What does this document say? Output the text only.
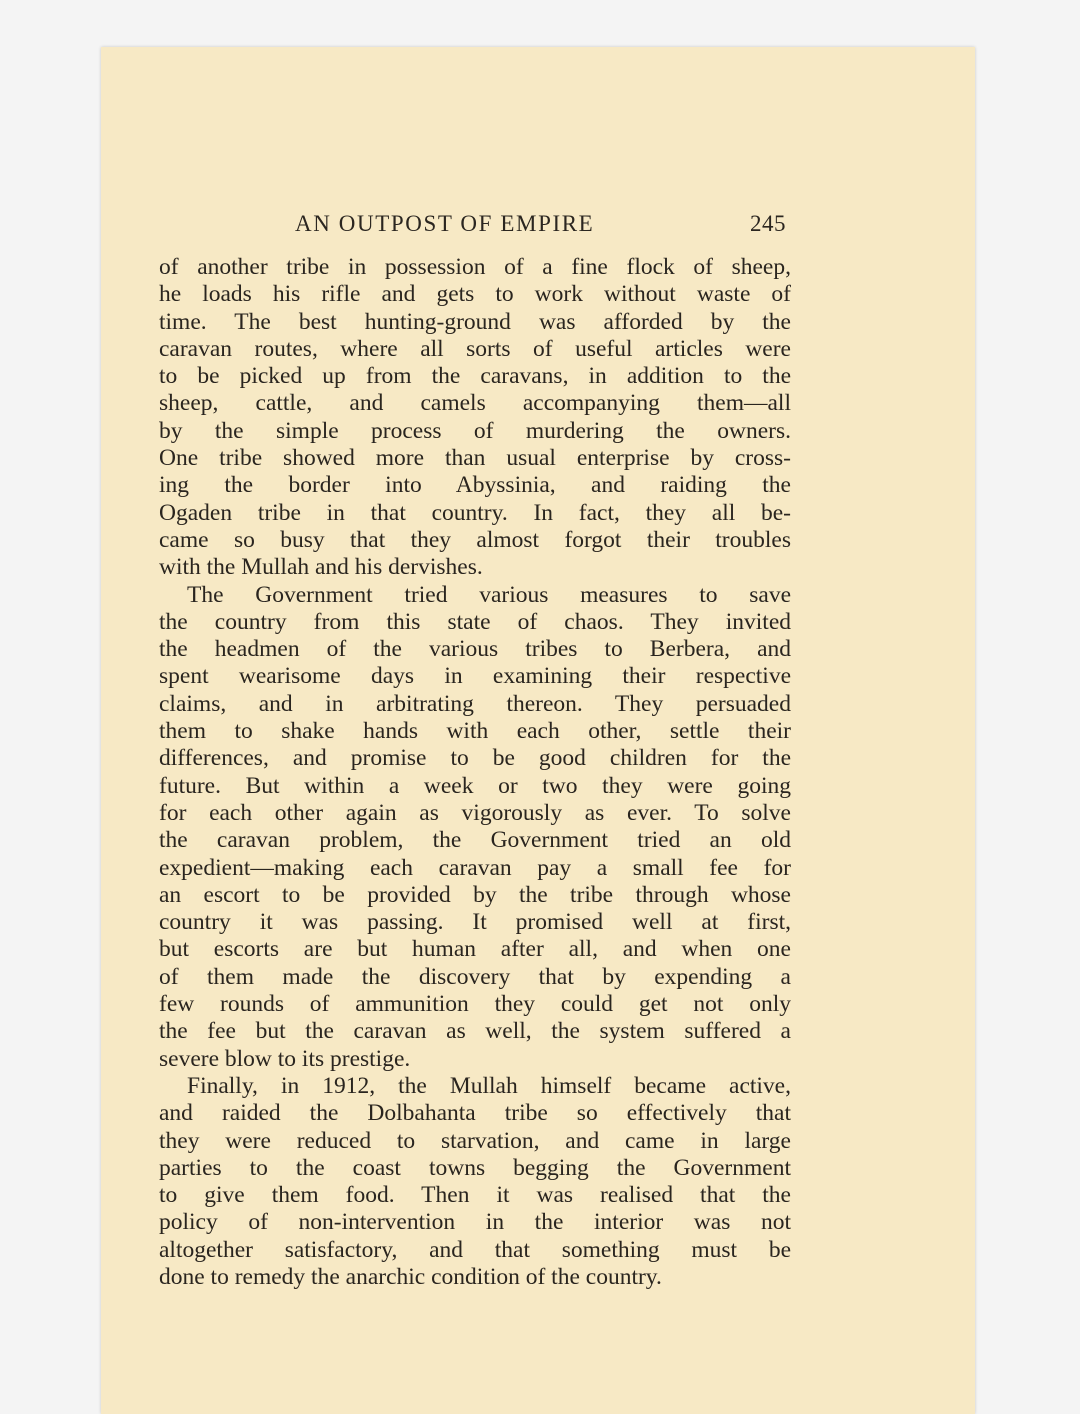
AN OUTPOST OF EMPIRE	245
of another tribe in possession of a fine flock of sheep,
he loads his rifle and gets to work without waste of
time. The best hunting-ground was afforded by the
caravan routes, where all sorts of useful articles were
to be picked up from the caravans, in addition to the
sheep, cattle, and camels accompanying them—all
by the simple process of murdering the owners.
One tribe showed more than usual enterprise by cross-
ing the border into Abyssinia, and raiding the
Ogaden tribe in that country. In fact, they all be-
came so busy that they almost forgot their troubles
with the Mullah and his dervishes.
The Government tried various measures to save
the country from this state of chaos. They invited
the headmen of the various tribes to Berbera, and
spent wearisome days in examining their respective
claims, and in arbitrating thereon. They persuaded
them to shake hands with each other, settle their
differences, and promise to be good children for the
future. But within a week or two they were going
for each other again as vigorously as ever. To solve
the caravan problem, the Government tried an old
expedient—making each caravan pay a small fee for
an escort to be provided by the tribe through whose
country it was passing. It promised well at first,
but escorts are but human after all, and when one
of them made the discovery that by expending a
few rounds of ammunition they could get not only
the fee but the caravan as well, the system suffered a
severe blow to its prestige.
Finally, in 1912, the Mullah himself became active,
and raided the Dolbahanta tribe so effectively that
they were reduced to starvation, and came in large
parties to the coast towns begging the Government
to give them food. Then it was realised that the
policy of non-intervention in the interior was not
altogether satisfactory, and that something must be
done to remedy the anarchic condition of the country.
